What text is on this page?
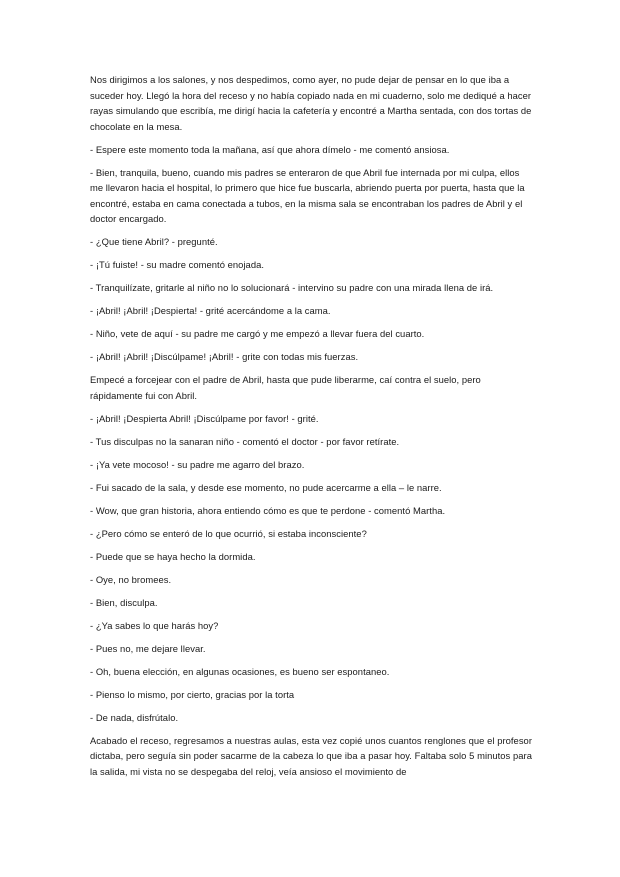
Nos dirigimos a los salones, y nos despedimos, como ayer, no pude dejar de pensar en lo que iba a suceder hoy. Llegó la hora del receso y no había copiado nada en mi cuaderno, solo me dediqué a hacer rayas simulando que escribía, me dirigí hacia la cafetería y encontré a Martha sentada, con dos tortas de chocolate en la mesa.

- Espere este momento toda la mañana, así que ahora dímelo - me comentó ansiosa.

- Bien, tranquila, bueno, cuando mis padres se enteraron de que Abril fue internada por mi culpa, ellos me llevaron hacia el hospital, lo primero que hice fue buscarla, abriendo puerta por puerta, hasta que la encontré, estaba en cama conectada a tubos, en la misma sala se encontraban los padres de Abril y el doctor encargado.

- ¿Que tiene Abril? - pregunté.

- ¡Tú fuiste! - su madre comentó enojada.

- Tranquilízate, gritarle al niño no lo solucionará - intervino su padre con una mirada llena de irá.

- ¡Abril! ¡Abril! ¡Despierta! - grité acercándome a la cama.

- Niño, vete de aquí - su padre me cargó y me empezó a llevar fuera del cuarto.

- ¡Abril! ¡Abril! ¡Discúlpame! ¡Abril! - grite con todas mis fuerzas.

Empecé a forcejear con el padre de Abril, hasta que pude liberarme, caí contra el suelo, pero rápidamente fui con Abril.

- ¡Abril! ¡Despierta Abril! ¡Discúlpame por favor! - grité.

- Tus disculpas no la sanaran niño - comentó el doctor - por favor retírate.

- ¡Ya vete mocoso! - su padre me agarro del brazo.

- Fui sacado de la sala, y desde ese momento, no pude acercarme a ella – le narre.

- Wow, que gran historia, ahora entiendo cómo es que te perdone - comentó Martha.

- ¿Pero cómo se enteró de lo que ocurrió, si estaba inconsciente?

- Puede que se haya hecho la dormida.

- Oye, no bromees.

- Bien, disculpa.

- ¿Ya sabes lo que harás hoy?

- Pues no, me dejare llevar.

- Oh, buena elección, en algunas ocasiones, es bueno ser espontaneo.

- Pienso lo mismo, por cierto, gracias por la torta

- De nada, disfrútalo.

Acabado el receso, regresamos a nuestras aulas, esta vez copié unos cuantos renglones que el profesor dictaba, pero seguía sin poder sacarme de la cabeza lo que iba a pasar hoy. Faltaba solo 5 minutos para la salida, mi vista no se despegaba del reloj, veía ansioso el movimiento de
